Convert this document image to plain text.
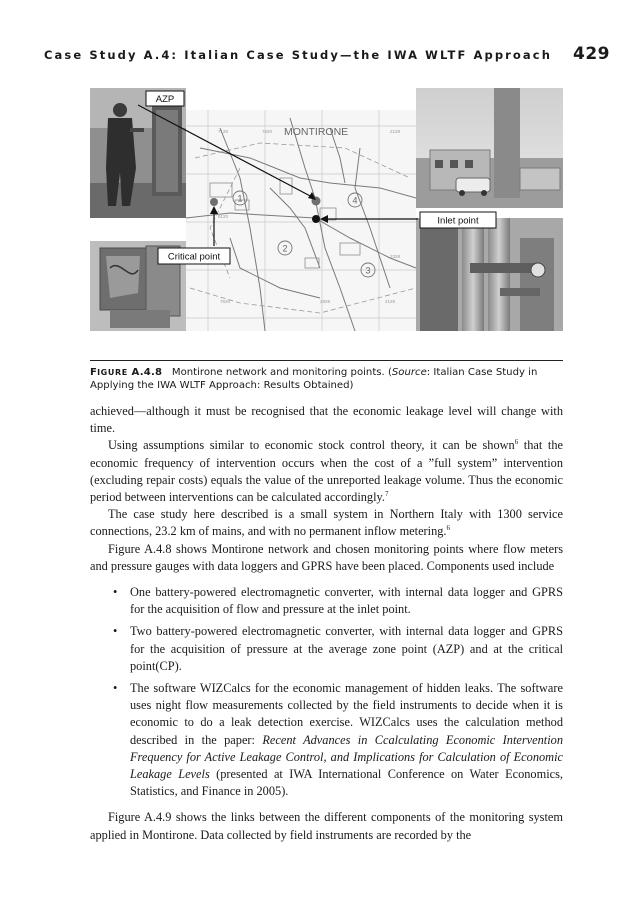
Case Study A.4: Italian Case Study—the IWA WLTF Approach 429
MONTIRONE
7120	7620	2128
6120
2328
7620	2828	2128
1
2
3
4
AZP
Inlet point
Critical point
FIGURE A.4.8 Montirone network and monitoring points. (Source: Italian Case Study in Applying the IWA WLTF Approach: Results Obtained)

achieved—although it must be recognised that the economic leakage level will change with time.

Using assumptions similar to economic stock control theory, it can be shown$^6$ that the economic frequency of intervention occurs when the cost of a ”full system” intervention (excluding repair costs) equals the value of the unreported leakage volume. Thus the economic period between interventions can be calculated accordingly.$^7$

The case study here described is a small system in Northern Italy with 1300 service connections, 23.2 km of mains, and with no permanent inflow metering.$^6$

Figure A.4.8 shows Montirone network and chosen monitoring points where flow meters and pressure gauges with data loggers and GPRS have been placed. Components used include

• One battery-powered electromagnetic converter, with internal data logger and GPRS for the acquisition of flow and pressure at the inlet point.
• Two battery-powered electromagnetic converter, with internal data logger and GPRS for the acquisition of pressure at the average zone point (AZP) and at the critical point(CP).
• The software WIZCalcs for the economic management of hidden leaks. The software uses night flow measurements collected by the field instruments to decide when it is economic to do a leak detection exercise. WIZCalcs uses the calculation method described in the paper: Recent Advances in Ccalculating Economic Intervention Frequency for Active Leakage Control, and Implications for Calculation of Economic Leakage Levels (presented at IWA International Conference on Water Economics, Statistics, and Finance in 2005).

Figure A.4.9 shows the links between the different components of the monitoring system applied in Montirone. Data collected by field instruments are recorded by the
